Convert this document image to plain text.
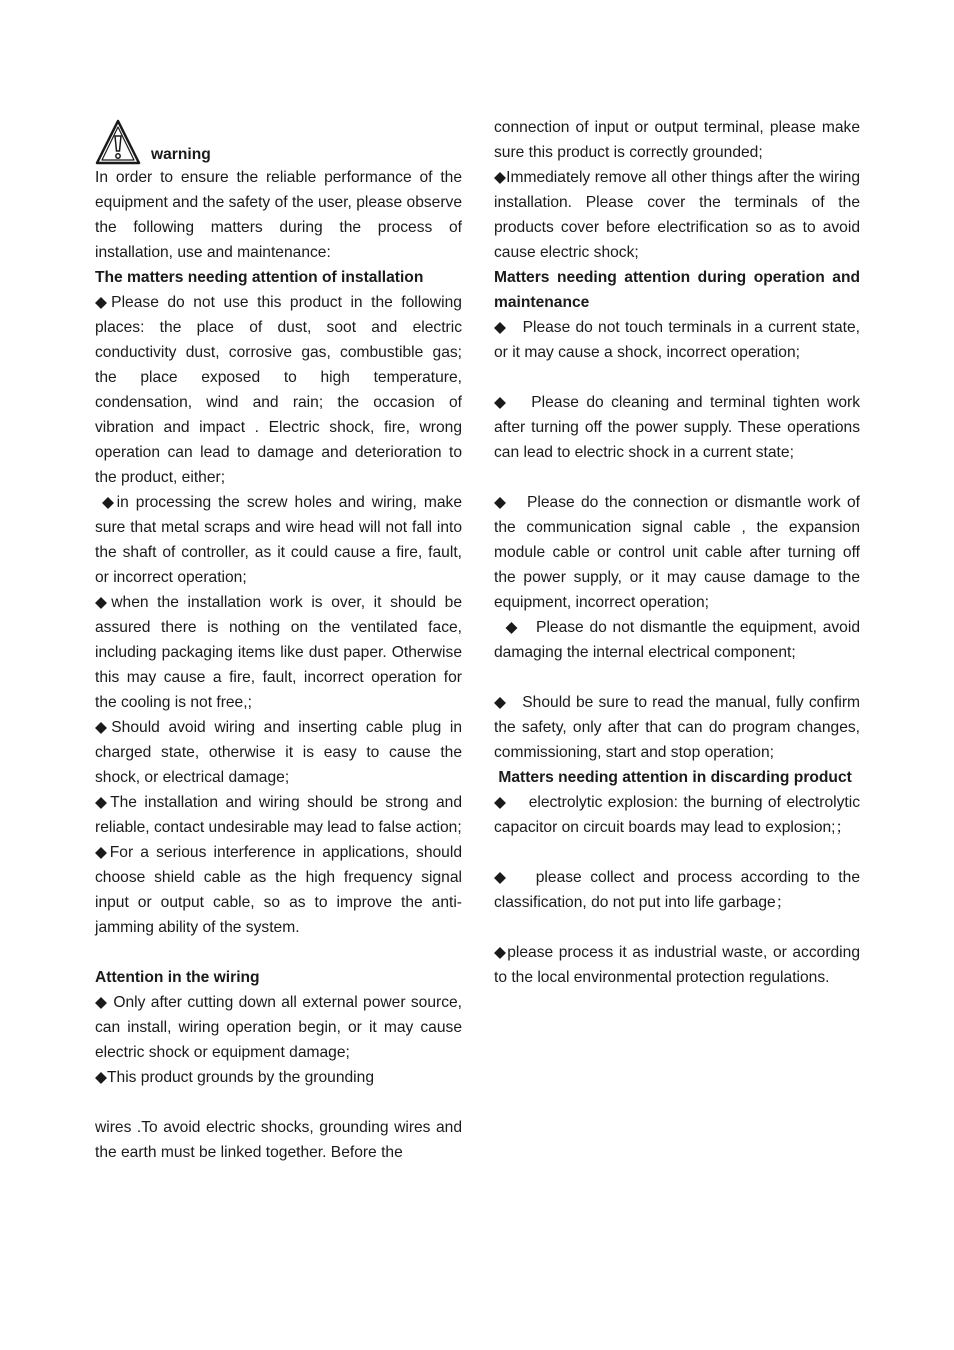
warning

In order to ensure the reliable performance of the equipment and the safety of the user, please observe the following matters during the process of installation, use and maintenance:

The matters needing attention of installation

◆Please do not use this product in the following places: the place of dust, soot and electric conductivity dust, corrosive gas, combustible gas; the place exposed to high temperature, condensation, wind and rain; the occasion of vibration and impact . Electric shock, fire, wrong operation can lead to damage and deterioration to the product, either;

◆in processing the screw holes and wiring, make sure that metal scraps and wire head will not fall into the shaft of controller, as it could cause a fire, fault, or incorrect operation;

◆when the installation work is over, it should be assured there is nothing on the ventilated face, including packaging items like dust paper. Otherwise this may cause a fire, fault, incorrect operation for the cooling is not free,;

◆Should avoid wiring and inserting cable plug in charged state, otherwise it is easy to cause the shock, or electrical damage;

◆The installation and wiring should be strong and reliable, contact undesirable may lead to false action;

◆For a serious interference in applications, should choose shield cable as the high frequency signal input or output cable, so as to improve the anti-jamming ability of the system.

Attention in the wiring

◆ Only after cutting down all external power source, can install, wiring operation begin, or it may cause electric shock or equipment damage;

◆This product grounds by the grounding

wires .To avoid electric shocks, grounding wires and the earth must be linked together. Before the

connection of input or output terminal, please make sure this product is correctly grounded;

◆Immediately remove all other things after the wiring installation. Please cover the terminals of the products cover before electrification so as to avoid cause electric shock;

Matters needing attention during operation and maintenance

◆   Please do not touch terminals in a current state, or it may cause a shock, incorrect operation;

◆   Please do cleaning and terminal tighten work after turning off the power supply. These operations can lead to electric shock in a current state;

◆   Please do the connection or dismantle work of the communication signal cable , the expansion module cable or control unit cable after turning off the power supply, or it may cause damage to the equipment, incorrect operation;

◆   Please do not dismantle the equipment, avoid damaging the internal electrical component;

◆   Should be sure to read the manual, fully confirm the safety, only after that can do program changes, commissioning, start and stop operation;

Matters needing attention in discarding product

◆    electrolytic explosion: the burning of electrolytic capacitor on circuit boards may lead to explosion;；

◆   please collect and process according to the classification, do not put into life garbage；

◆please process it as industrial waste, or according to the local environmental protection regulations.
